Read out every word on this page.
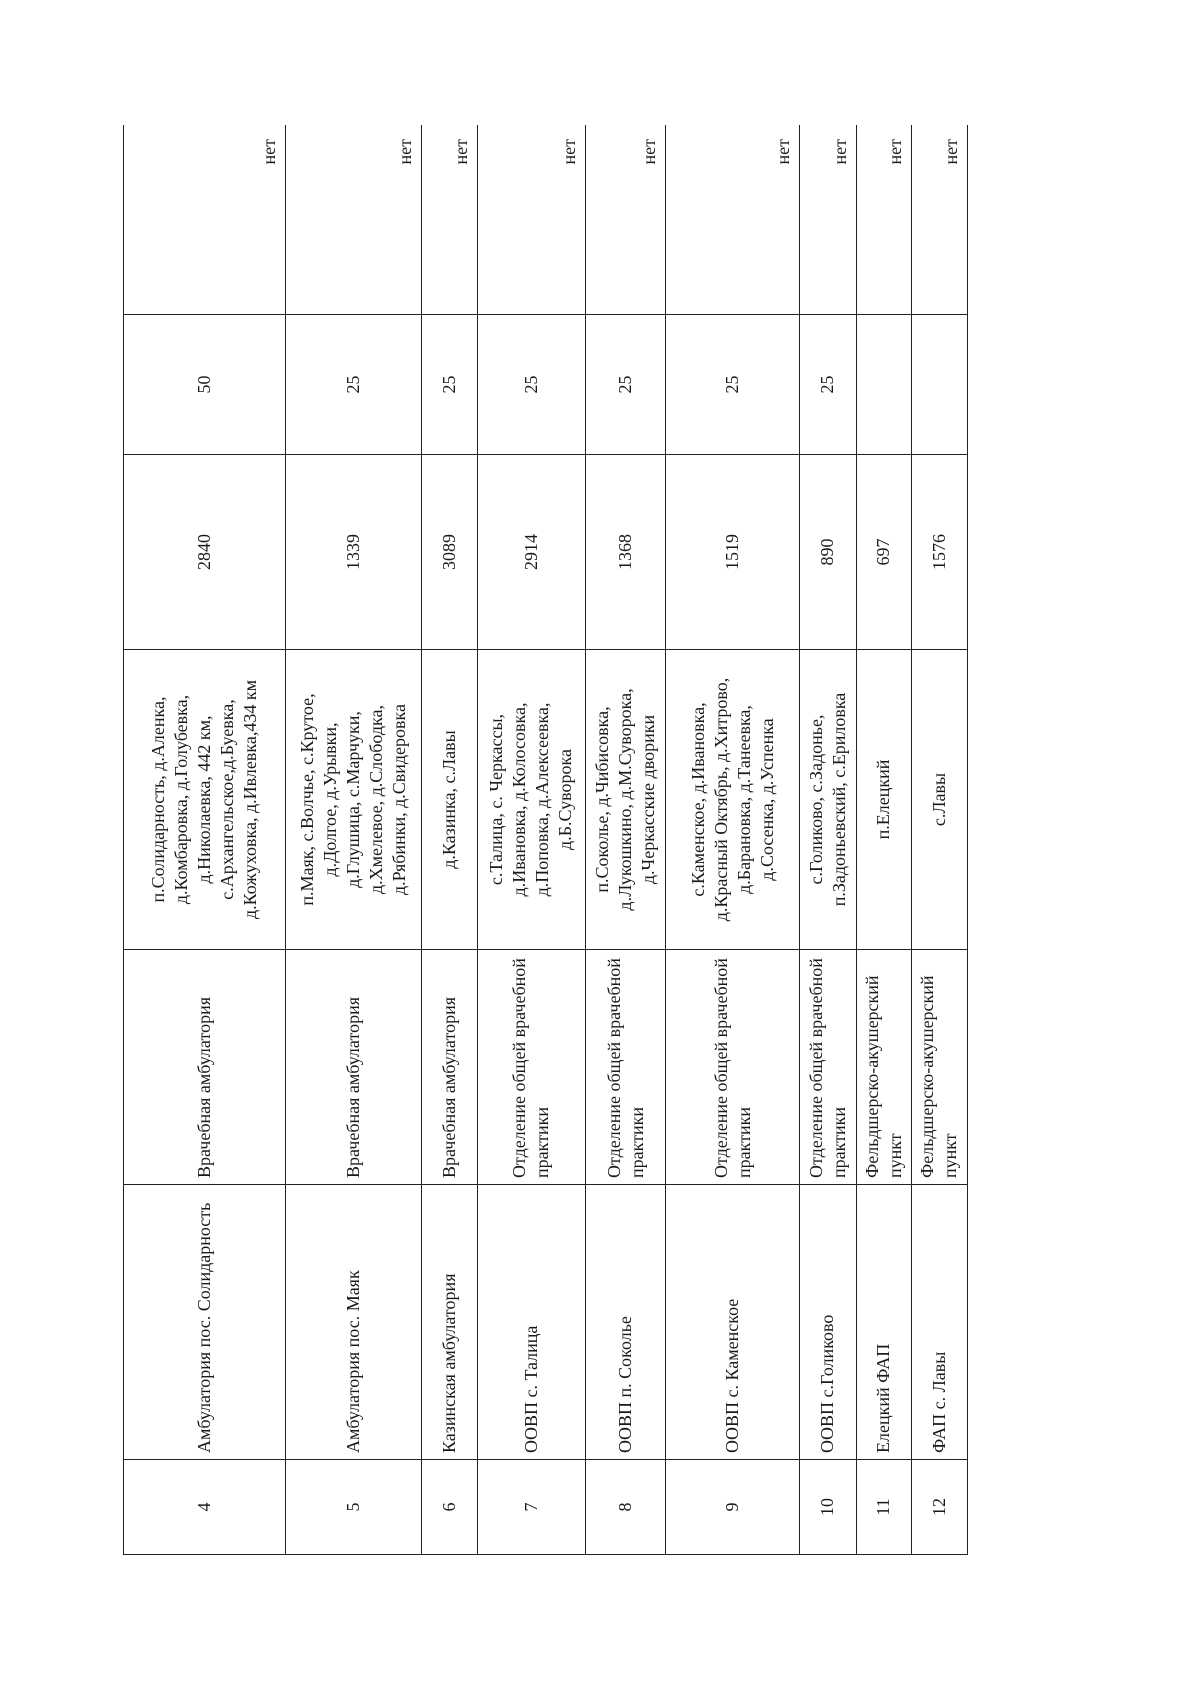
4	Амбулатория пос. Солидарность	Врачебная амбулатория	п.Солидарность, д.Аленка, д.Комбаровка, д.Голубевка, д.Николаевка, 442 км, с.Архангельское,д.Буевка, д.Кожуховка, д.Ивлевка,434 км	2840	50	нет
5	Амбулатория пос. Маяк	Врачебная амбулатория	п.Маяк, с.Волчье, с.Крутое, д.Долгое, д.Урывки, д.Глушица, с.Марчуки, д.Хмелевое, д.Слободка, д.Рябинки, д.Свидеровка	1339	25	нет
6	Казинская амбулатория	Врачебная амбулатория	д.Казинка, с.Лавы	3089	25	нет
7	ООВП с. Талица	Отделение общей врачебной практики	с.Талица, с. Черкассы, д.Ивановка, д.Колосовка, д.Поповка, д.Алексеевка, д.Б.Суворока	2914	25	нет
8	ООВП п. Соколье	Отделение общей врачебной практики	п.Соколье, д.Чибисовка, д.Лукошкино, д.М.Суворока, д.Черкасские дворики	1368	25	нет
9	ООВП с. Каменское	Отделение общей врачебной практики	с.Каменское, д.Ивановка, д.Красный Октябрь, д.Хитрово, д.Барановка, д.Танеевка, д.Сосенка, д.Успенка	1519	25	нет
10	ООВП с.Голиково	Отделение общей врачебной практики	с.Голиково, с.Задонье, п.Задоньевский, с.Ериловка	890	25	нет
11	Елецкий ФАП	Фельдшерско-акушерский пункт	п.Елецкий	697		нет
12	ФАП с. Лавы	Фельдшерско-акушерский пункт	с.Лавы	1576		нет
